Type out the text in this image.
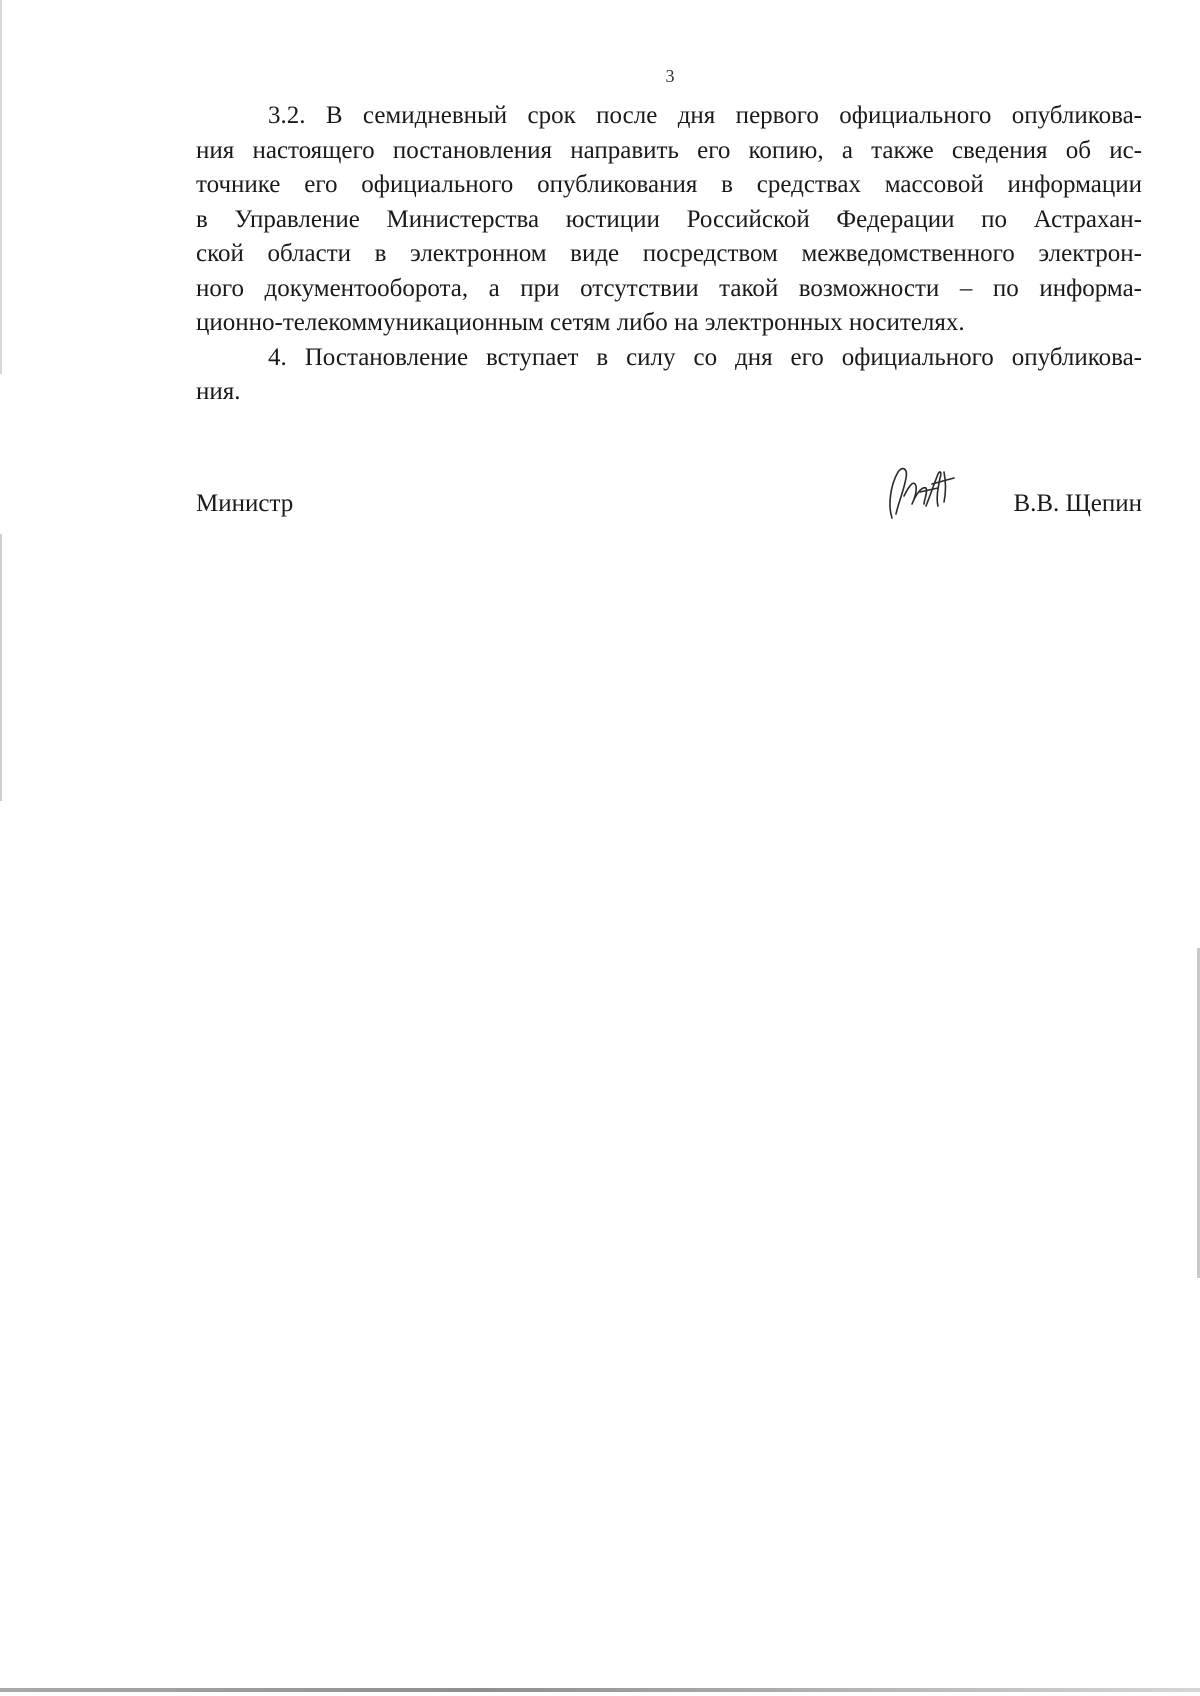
3
3.2. В семидневный срок после дня первого официального опубликова-
ния настоящего постановления направить его копию, а также сведения об ис-
точнике его официального опубликования в средствах массовой информации
в Управление Министерства юстиции Российской Федерации по Астрахан-
ской области в электронном виде посредством межведомственного электрон-
ного документооборота, а при отсутствии такой возможности – по информа-
ционно-телекоммуникационным сетям либо на электронных носителях.
4. Постановление вступает в силу со дня его официального опубликова-
ния.
Министр	В.В. Щепин
